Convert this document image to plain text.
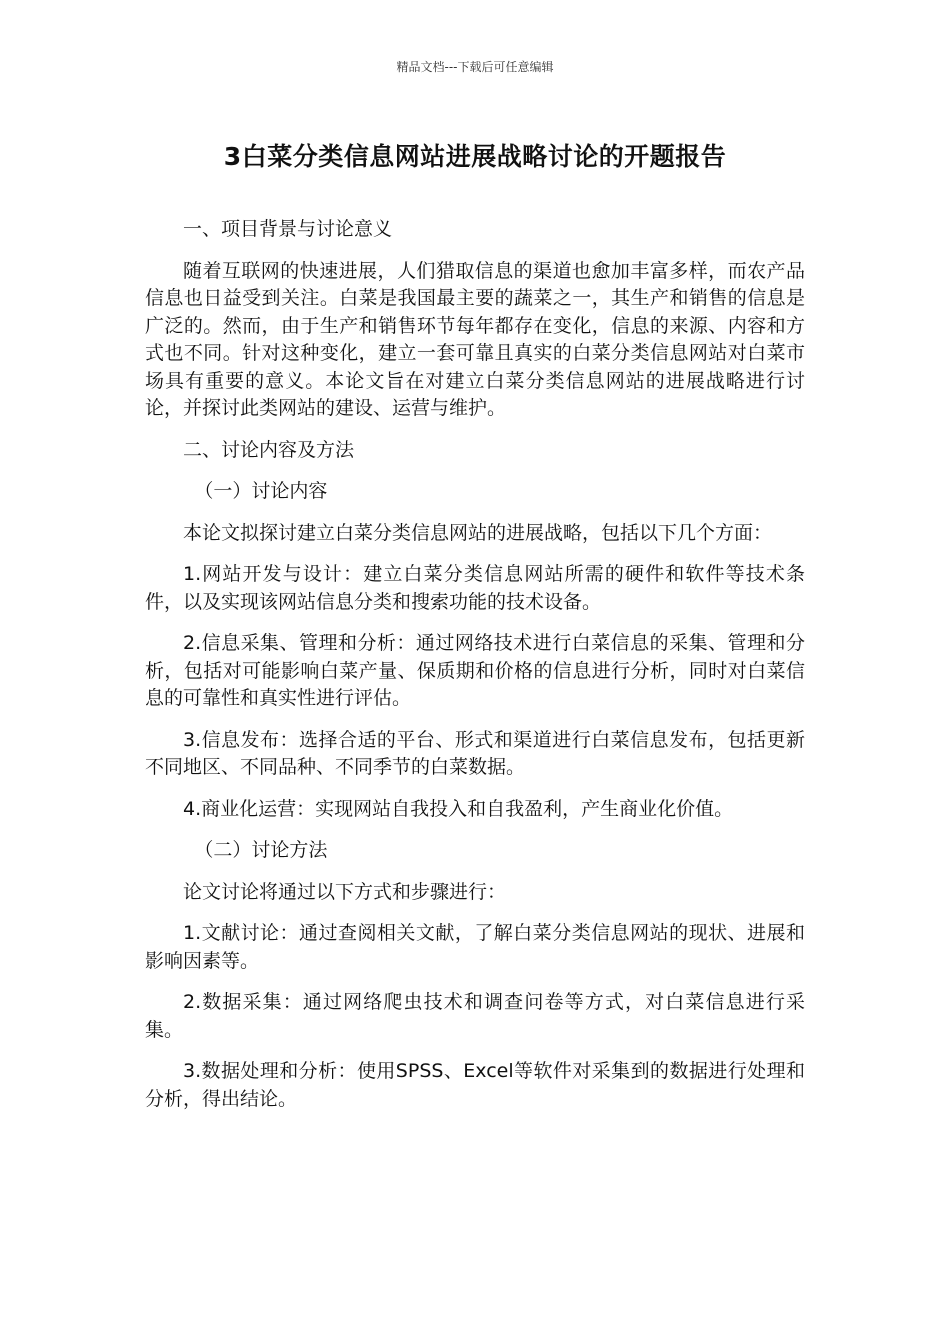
精品文档---下载后可任意编辑
3白菜分类信息网站进展战略讨论的开题报告

一、项目背景与讨论意义

随着互联网的快速进展，人们猎取信息的渠道也愈加丰富多样，而农产品信息也日益受到关注。白菜是我国最主要的蔬菜之一，其生产和销售的信息是广泛的。然而，由于生产和销售环节每年都存在变化，信息的来源、内容和方式也不同。针对这种变化，建立一套可靠且真实的白菜分类信息网站对白菜市场具有重要的意义。本论文旨在对建立白菜分类信息网站的进展战略进行讨论，并探讨此类网站的建设、运营与维护。

二、讨论内容及方法

（一）讨论内容

本论文拟探讨建立白菜分类信息网站的进展战略，包括以下几个方面：

1.网站开发与设计：建立白菜分类信息网站所需的硬件和软件等技术条件，以及实现该网站信息分类和搜索功能的技术设备。

2.信息采集、管理和分析：通过网络技术进行白菜信息的采集、管理和分析，包括对可能影响白菜产量、保质期和价格的信息进行分析，同时对白菜信息的可靠性和真实性进行评估。

3.信息发布：选择合适的平台、形式和渠道进行白菜信息发布，包括更新不同地区、不同品种、不同季节的白菜数据。

4.商业化运营：实现网站自我投入和自我盈利，产生商业化价值。

（二）讨论方法

论文讨论将通过以下方式和步骤进行：

1.文献讨论：通过查阅相关文献，了解白菜分类信息网站的现状、进展和影响因素等。

2.数据采集：通过网络爬虫技术和调查问卷等方式，对白菜信息进行采集。

3.数据处理和分析：使用SPSS、Excel等软件对采集到的数据进行处理和分析，得出结论。
